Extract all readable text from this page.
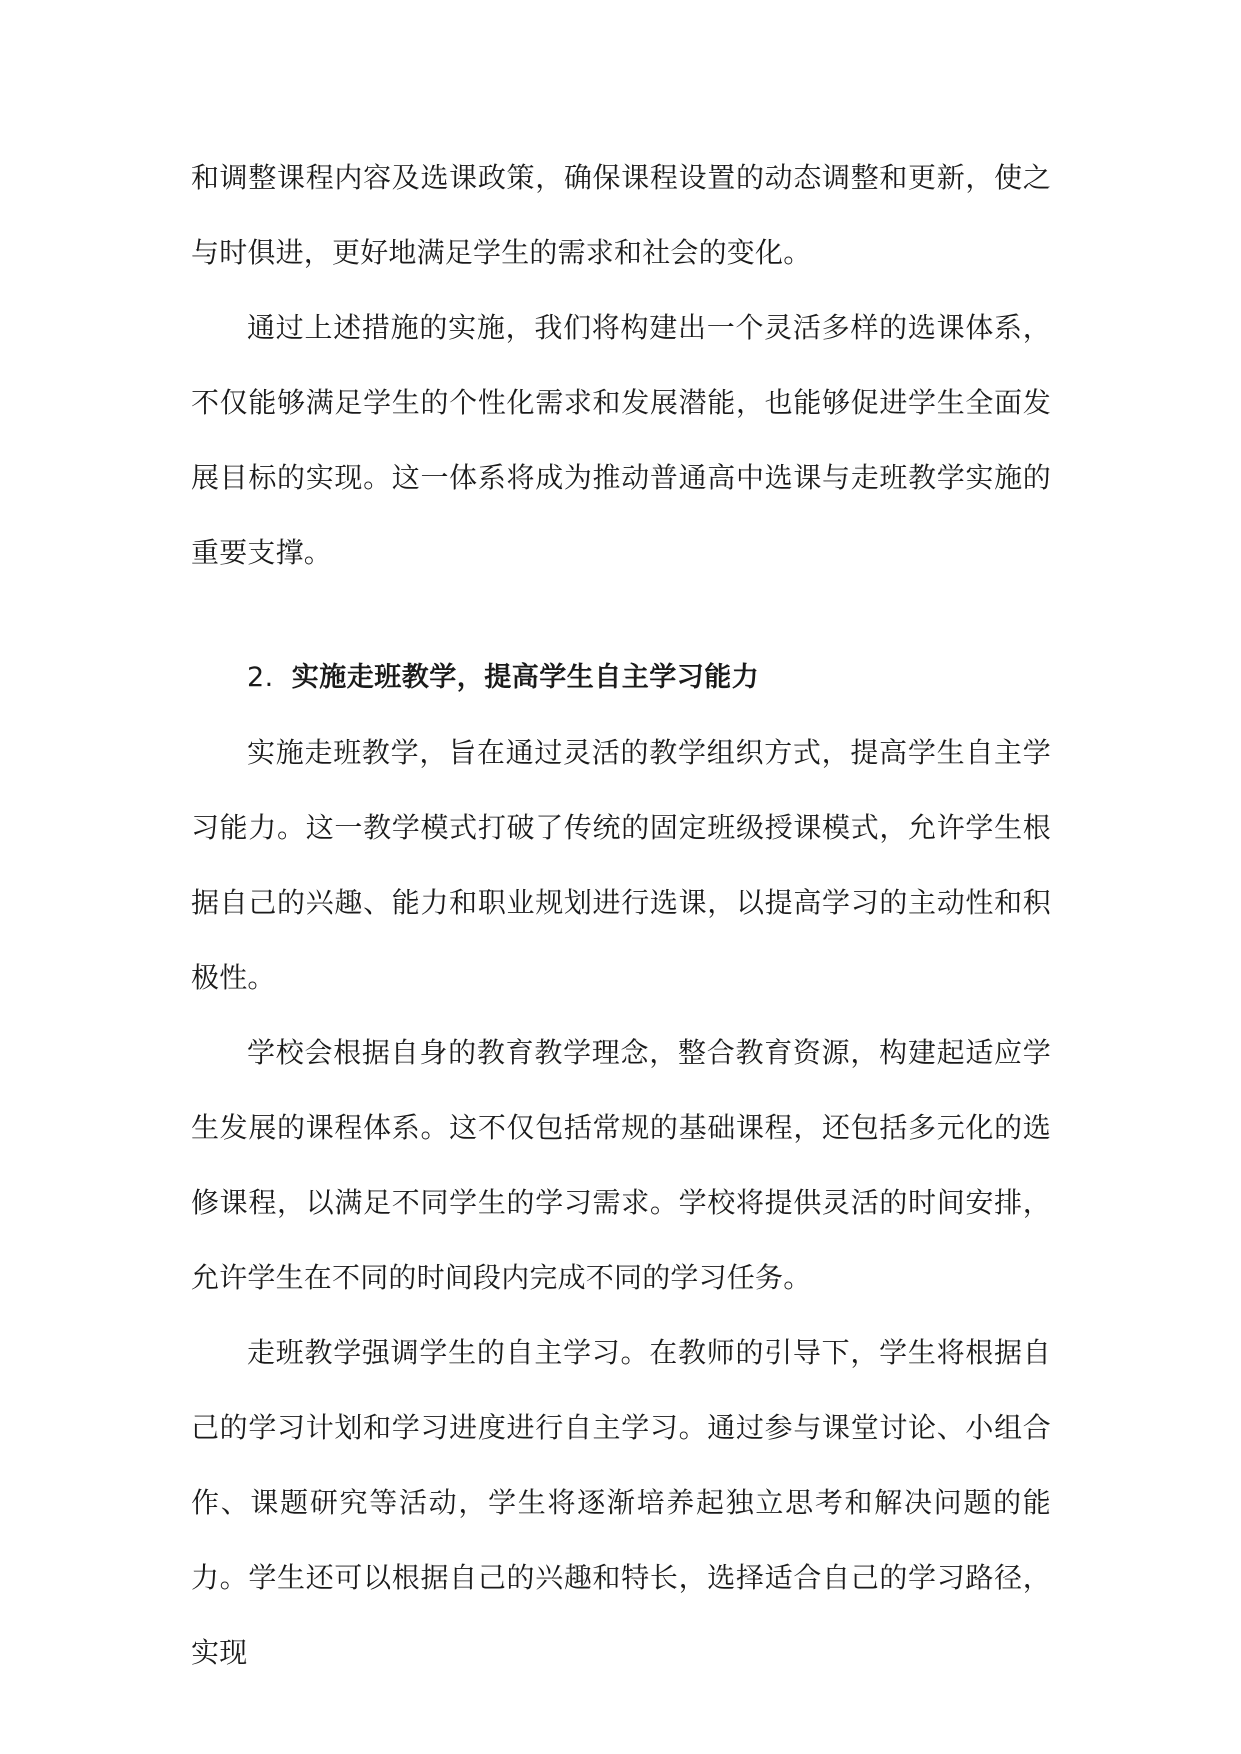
和调整课程内容及选课政策，确保课程设置的动态调整和更新，使之与时俱进，更好地满足学生的需求和社会的变化。

通过上述措施的实施，我们将构建出一个灵活多样的选课体系，不仅能够满足学生的个性化需求和发展潜能，也能够促进学生全面发展目标的实现。这一体系将成为推动普通高中选课与走班教学实施的重要支撑。

2. 实施走班教学，提高学生自主学习能力

实施走班教学，旨在通过灵活的教学组织方式，提高学生自主学习能力。这一教学模式打破了传统的固定班级授课模式，允许学生根据自己的兴趣、能力和职业规划进行选课，以提高学习的主动性和积极性。

学校会根据自身的教育教学理念，整合教育资源，构建起适应学生发展的课程体系。这不仅包括常规的基础课程，还包括多元化的选修课程，以满足不同学生的学习需求。学校将提供灵活的时间安排，允许学生在不同的时间段内完成不同的学习任务。

走班教学强调学生的自主学习。在教师的引导下，学生将根据自己的学习计划和学习进度进行自主学习。通过参与课堂讨论、小组合作、课题研究等活动，学生将逐渐培养起独立思考和解决问题的能力。学生还可以根据自己的兴趣和特长，选择适合自己的学习路径，实现
